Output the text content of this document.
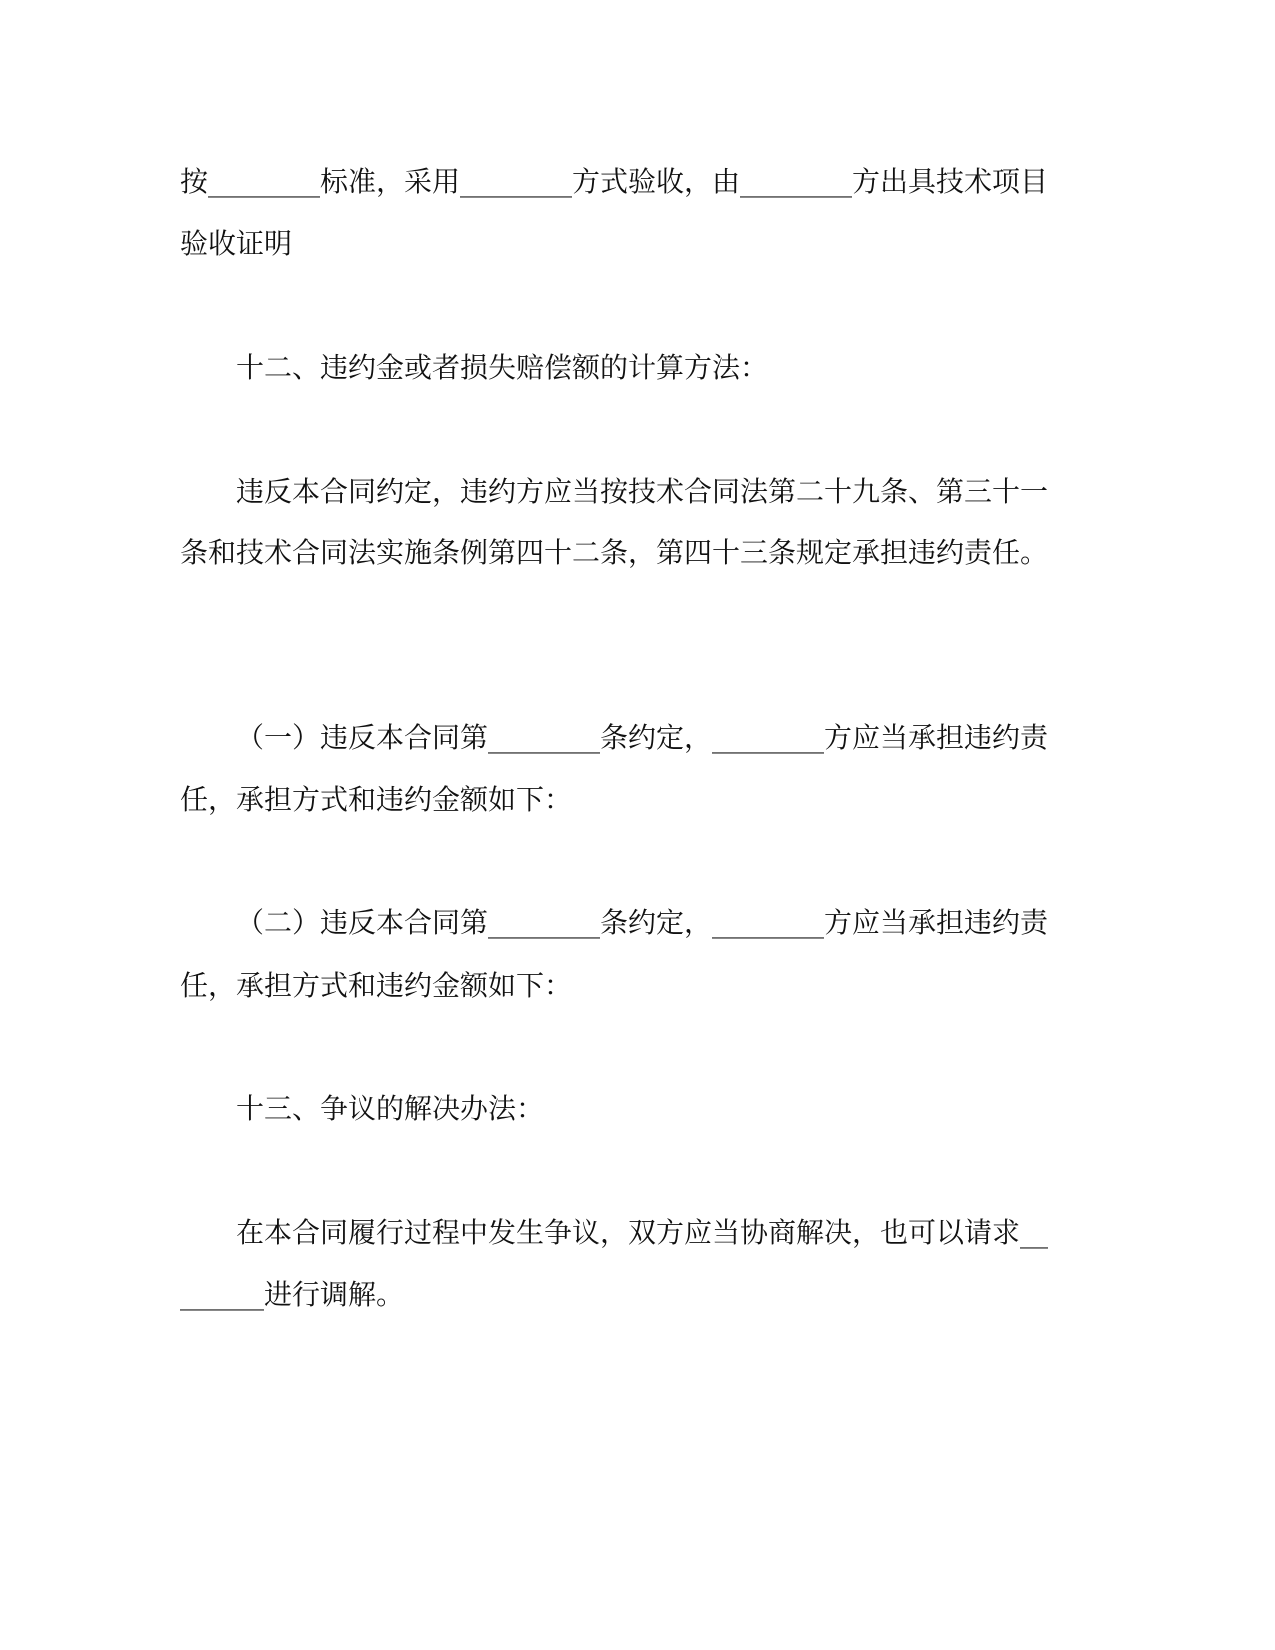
按________标准，采用________方式验收，由________方出具技术项目
验收证明
十二、违约金或者损失赔偿额的计算方法：
违反本合同约定，违约方应当按技术合同法第二十九条、第三十一
条和技术合同法实施条例第四十二条，第四十三条规定承担违约责任。
（一）违反本合同第________条约定，________方应当承担违约责
任，承担方式和违约金额如下：
（二）违反本合同第________条约定，________方应当承担违约责
任，承担方式和违约金额如下：
十三、争议的解决办法：
在本合同履行过程中发生争议，双方应当协商解决，也可以请求__
______进行调解。
